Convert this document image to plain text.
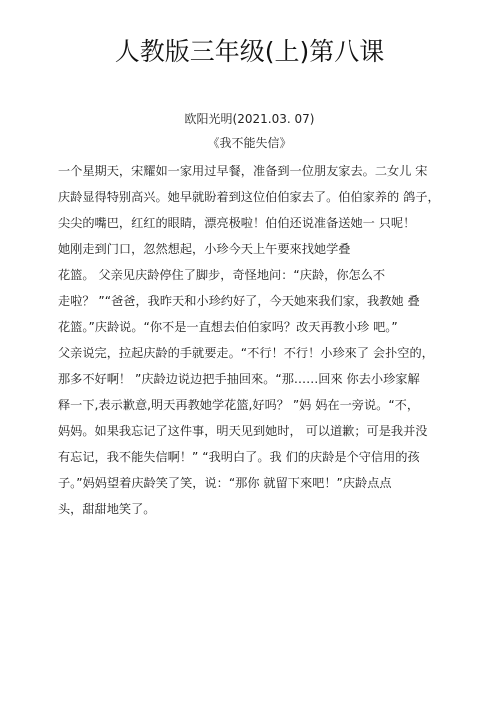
人教版三年级(上)第八课
欧阳光明(2021.03. 07)
《我不能失信》
一个星期天，宋耀如一家用过早餐，准备到一位朋友家去。二女儿 宋
庆龄显得特别高兴。她早就盼着到这位伯伯家去了。伯伯家养的 鸽子，
尖尖的嘴巴，红红的眼睛，漂亮极啦！伯伯还说准备送她一 只呢！
她刚走到门口，忽然想起，小珍今天上午要來找她学叠
花篮。 父亲见庆龄停住了脚步，奇怪地问：“庆龄，你怎么不
走啦？ ”“爸爸，我昨天和小珍约好了，今天她來我们家，我教她 叠
花篮。”庆龄说。“你不是一直想去伯伯家吗？改天再教小珍 吧。”
父亲说完，拉起庆龄的手就要走。“不行！不行！小珍來了 会扑空的，
那多不好啊！ ”庆龄边说边把手抽回來。“那……回來 你去小珍家解
释一下,表示歉意,明天再教她学花篮,好吗？ ”妈 妈在一旁说。“不，
妈妈。如果我忘记了这件事，明天见到她时， 可以道歉；可是我并没
有忘记，我不能失信啊！” “我明白了。我 们的庆龄是个守信用的孩
子。”妈妈望着庆龄笑了笑，说：“那你 就留下來吧！”庆龄点点
头，甜甜地笑了。
